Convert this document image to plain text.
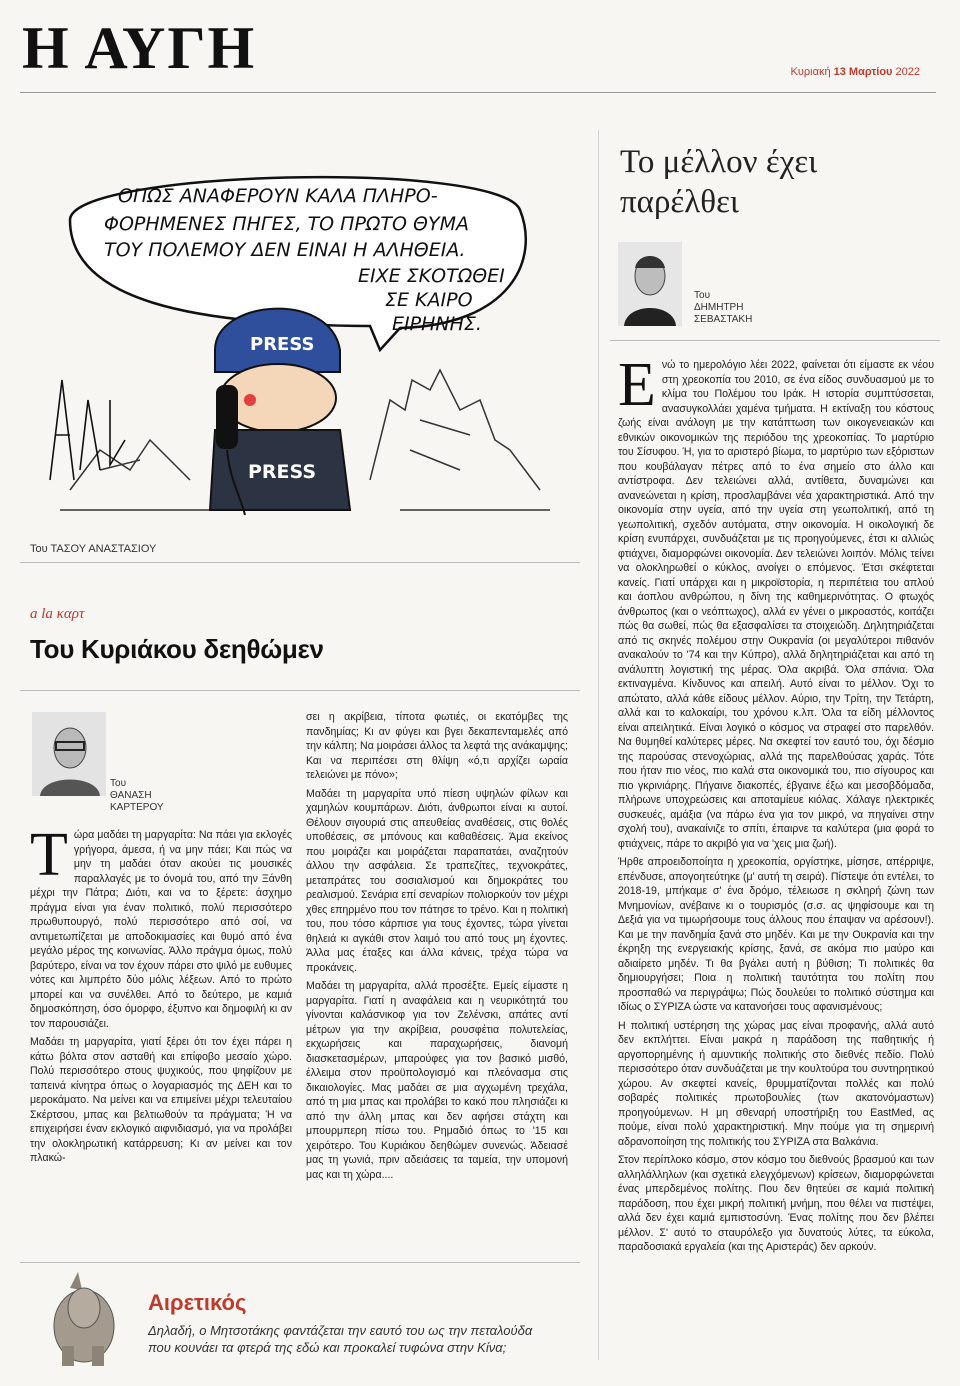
Η ΑΥΓΗ	Κυριακή 13 Μαρτίου 2022
ΟΠΩΣ ΑΝΑΦΕΡΟΥΝ ΚΑΛΑ ΠΛΗΡΟ-
ΦΟΡΗΜΕΝΕΣ ΠΗΓΕΣ, ΤΟ ΠΡΩΤΟ ΘΥΜΑ
ΤΟΥ ΠΟΛΕΜΟΥ ΔΕΝ ΕΙΝΑΙ Η ΑΛΗΘΕΙΑ.
ΕΙΧΕ ΣΚΟΤΩΘΕΙ
ΣΕ ΚΑΙΡΟ
ΕΙΡΗΝΗΣ.
PRESS
PRESS
Του ΤΑΣΟΥ ΑΝΑΣΤΑΣΙΟΥ
Το μέλλον έχει παρέλθει
Του
ΔΗΜΗΤΡΗ
ΣΕΒΑΣΤΑΚΗ

Ενώ το ημερολόγιο λέει 2022, φαίνεται ότι είμαστε εκ νέου στη χρεοκοπία του 2010, σε ένα είδος συνδυασμού με το κλίμα του Πολέμου του Ιράκ. Η ιστορία συμπτύσσεται, ανασυγκολλάει χαμένα τμήματα. Η εκτίναξη του κόστους ζωής είναι ανάλογη με την κατάπτωση των οικογενειακών και εθνικών οικονομικών της περιόδου της χρεοκοπίας. Το μαρτύριο του Σίσυφου. Ή, για το αριστερό βίωμα, το μαρτύριο των εξόριστων που κουβάλαγαν πέτρες από το ένα σημείο στο άλλο και αντίστροφα. Δεν τελειώνει αλλά, αντίθετα, δυναμώνει και ανανεώνεται η κρίση, προσλαμβάνει νέα χαρακτηριστικά. Από την οικονομία στην υγεία, από την υγεία στη γεωπολιτική, από τη γεωπολιτική, σχεδόν αυτόματα, στην οικονομία. Η οικολογική δε κρίση ενυπάρχει, συνδυάζεται με τις προηγούμενες, έτσι κι αλλιώς φτιάχνει, διαμορφώνει οικονομία. Δεν τελειώνει λοιπόν. Μόλις τείνει να ολοκληρωθεί ο κύκλος, ανοίγει ο επόμενος. Έτσι σκέφτεται κανείς. Γιατί υπάρχει και η μικροϊστορία, η περιπέτεια του απλού και άοπλου ανθρώπου, η δίνη της καθημερινότητας. Ο φτωχός άνθρωπος (και ο νεόπτωχος), αλλά εν γένει ο μικροαστός, κοιτάζει πώς θα σωθεί, πώς θα εξασφαλίσει τα στοιχειώδη. Δηλητηριάζεται από τις σκηνές πολέμου στην Ουκρανία (οι μεγαλύτεροι πιθανόν ανακαλούν το '74 και την Κύπρο), αλλά δηλητηριάζεται και από τη ανάλυπτη λογιστική της μέρας. Όλα ακριβά. Όλα σπάνια. Όλα εκτιναγμένα. Κίνδυνος και απειλή. Αυτό είναι το μέλλον. Όχι το απώτατο, αλλά κάθε είδους μέλλον. Αύριο, την Τρίτη, την Τετάρτη, αλλά και το καλοκαίρι, του χρόνου κ.λπ. Όλα τα είδη μέλλοντος είναι απειλητικά. Είναι λογικό ο κόσμος να στραφεί στο παρελθόν. Να θυμηθεί καλύτερες μέρες. Να σκεφτεί τον εαυτό του, όχι δέσμιο της παρούσας στενοχώριας, αλλά της παρελθούσας χαράς. Τότε που ήταν πιο νέος, πιο καλά στα οικονομικά του, πιο σίγουρος και πιο γκρινιάρης. Πήγαινε διακοπές, έβγαινε έξω και μεσοβδόμαδα, πλήρωνε υποχρεώσεις και αποταμίευε κιόλας. Χάλαγε ηλεκτρικές συσκευές, αμάξια (να πάρω ένα για τον μικρό, να πηγαίνει στην σχολή του), ανακαίνιζε το σπίτι, έπαιρνε τα καλύτερα (μια φορά το φτιάχνεις, πάρε το ακριβό για να 'χεις μια ζωή).

Ήρθε απροειδοποίητα η χρεοκοπία, οργίστηκε, μίσησε, απέρριψε, επένδυσε, απογοητεύτηκε (μ' αυτή τη σειρά). Πίστεψε ότι εντέλει, το 2018-19, μπήκαμε σ' ένα δρόμο, τέλειωσε η σκληρή ζώνη των Μνημονίων, ανέβαινε κι ο τουρισμός (σ.σ. ας ψηφίσουμε και τη Δεξιά για να τιμωρήσουμε τους άλλους που έπαψαν να αρέσουν!). Και με την πανδημία ξανά στο μηδέν. Και με την Ουκρανία και την έκρηξη της ενεργειακής κρίσης, ξανά, σε ακόμα πιο μαύρο και αδιαίρετο μηδέν. Τι θα βγάλει αυτή η βύθιση; Τι πολιτικές θα δημιουργήσει; Ποια η πολιτική ταυτότητα του πολίτη που προσπαθώ να περιγράψω; Πώς δουλεύει το πολιτικό σύστημα και ιδίως ο ΣΥΡΙΖΑ ώστε να κατανοήσει τους αφανισμένους;

Η πολιτική υστέρηση της χώρας μας είναι προφανής, αλλά αυτό δεν εκπλήττει. Είναι μακρά η παράδοση της παθητικής ή αργοπορημένης ή αμυντικής πολιτικής στο διεθνές πεδίο. Πολύ περισσότερο όταν συνδυάζεται με την κουλτούρα του συντηρητικού χώρου. Αν σκεφτεί κανείς, θρυμματίζονται πολλές και πολύ σοβαρές πολιτικές πρωτοβουλίες (των ακατονόμαστων) προηγούμενων. Η μη σθεναρή υποστήριξη του EastMed, ας πούμε, είναι πολύ χαρακτηριστική. Μην πούμε για τη σημερινή αδρανοποίηση της πολιτικής του ΣΥΡΙΖΑ στα Βαλκάνια.

Στον περίπλοκο κόσμο, στον κόσμο του διεθνούς βρασμού και των αλληλάλληλων (και σχετικά ελεγχόμενων) κρίσεων, διαμορφώνεται ένας μπερδεμένος πολίτης. Που δεν θητεύει σε καμιά πολιτική παράδοση, που έχει μικρή πολιτική μνήμη, που θέλει να πιστέψει, αλλά δεν έχει καμιά εμπιστοσύνη. Ένας πολίτης που δεν βλέπει μέλλον. Σ' αυτό το σταυρόλεξο για δυνατούς λύτες, τα εύκολα, παραδοσιακά εργαλεία (και της Αριστεράς) δεν αρκούν.

a la καρτ
Του Κυριάκου δεηθώμεν
Του
ΘΑΝΑΣΗ
ΚΑΡΤΕΡΟΥ

Τώρα μαδάει τη μαργαρίτα: Να πάει για εκλογές γρήγορα, άμεσα, ή να μην πάει; Και πώς να μην τη μαδάει όταν ακούει τις μουσικές παραλλαγές με το όνομά του, από την Ξάνθη μέχρι την Πάτρα; Διότι, και να το ξέρετε: άσχημο πράγμα είναι για έναν πολιτικό, πολύ περισσότερο πρωθυπουργό, πολύ περισσότερο από σοί, να αντιμετωπίζεται με αποδοκιμασίες και θυμό από ένα μεγάλο μέρος της κοινωνίας. Άλλο πράγμα όμως, πολύ βαρύτερο, είναι να τον έχουν πάρει στο ψιλό με ευθυμες νότες και λιμπρέτο δύο μόλις λέξεων. Από το πρώτο μπορεί και να συνέλθει. Από το δεύτερο, με καμιά δημοσκόπηση, όσο όμορφο, έξυπνο και δημοφιλή κι αν τον παρουσιάζει.

Μαδάει τη μαργαρίτα, γιατί ξέρει ότι τον έχει πάρει η κάτω βόλτα στον ασταθή και επίφοβο μεσαίο χώρο. Πολύ περισσότερο στους ψυχικούς, που ψηφίζουν με ταπεινά κίνητρα όπως ο λογαριασμός της ΔΕΗ και το μεροκάματο. Να μείνει και να επιμείνει μέχρι τελευταίου Σκέρτσου, μπας και βελτιωθούν τα πράγματα; Ή να επιχειρήσει έναν εκλογικό αιφνιδιασμό, για να προλάβει την ολοκληρωτική κατάρρευση; Κι αν μείνει και τον πλακώ-

σει η ακρίβεια, τίποτα φωτιές, οι εκατόμβες της πανδημίας; Κι αν φύγει και βγει δεκαπενταμελές από την κάλπη; Να μοιράσει άλλος τα λεφτά της ανάκαμψης; Και να περιπέσει στη θλίψη «ό,τι αρχίζει ωραία τελειώνει με πόνο»;

Μαδάει τη μαργαρίτα υπό πίεση υψηλών φίλων και χαμηλών κουμπάρων. Διότι, άνθρωποι είναι κι αυτοί. Θέλουν σιγουριά στις απευθείας αναθέσεις, στις θολές υποθέσεις, σε μπόνους και καθαθέσεις. Άμα εκείνος που μοιράζει και μοιράζεται παραπατάει, αναζητούν άλλου την ασφάλεια. Σε τραπεζίτες, τεχνοκράτες, μεταπράτες του σοσιαλισμού και δημοκράτες του ρεαλισμού. Σενάρια επί σεναρίων πολιορκούν τον μέχρι χθες επηρμένο που τον πάτησε το τρένο. Και η πολιτική του, που τόσο κάρπισε για τους έχοντες, τώρα γίνεται θηλειά κι αγκάθι στον λαιμό του από τους μη έχοντες. Άλλα μας έταξες και άλλα κάνεις, τρέχα τώρα να προκάνεις.

Μαδάει τη μαργαρίτα, αλλά προσέξτε. Εμείς είμαστε η μαργαρίτα. Γιατί η αναφάλεια και η νευρικότητά του γίνονται καλάσνικοφ για τον Ζελένσκι, απάτες αντί μέτρων για την ακρίβεια, ρουσφέτια πολυτελείας, εκχωρήσεις και παραχωρήσεις, διανομή διασκετασμέρων, μπαρούφες για τον βασικό μισθό, έλλειμα στον προϋπολογισμό και πλεόνασμα στις δικαιολογίες. Μας μαδάει σε μια αγχωμένη τρεχάλα, από τη μια μπας και προλάβει το κακό που πλησιάζει κι από την άλλη μπας και δεν αφήσει στάχτη και μπουρμπερη πίσω του. Ρημαδιό όπως το '15 και χειρότερο. Του Κυριάκου δεηθώμεν συνενώς. Άδειασέ μας τη γωνιά, πριν αδειάσεις τα ταμεία, την υπομονή μας και τη χώρα....

Αιρετικός
Δηλαδή, ο Μητσοτάκης φαντάζεται την εαυτό του ως την πεταλούδα που κουνάει τα φτερά της εδώ και προκαλεί τυφώνα στην Κίνα;
